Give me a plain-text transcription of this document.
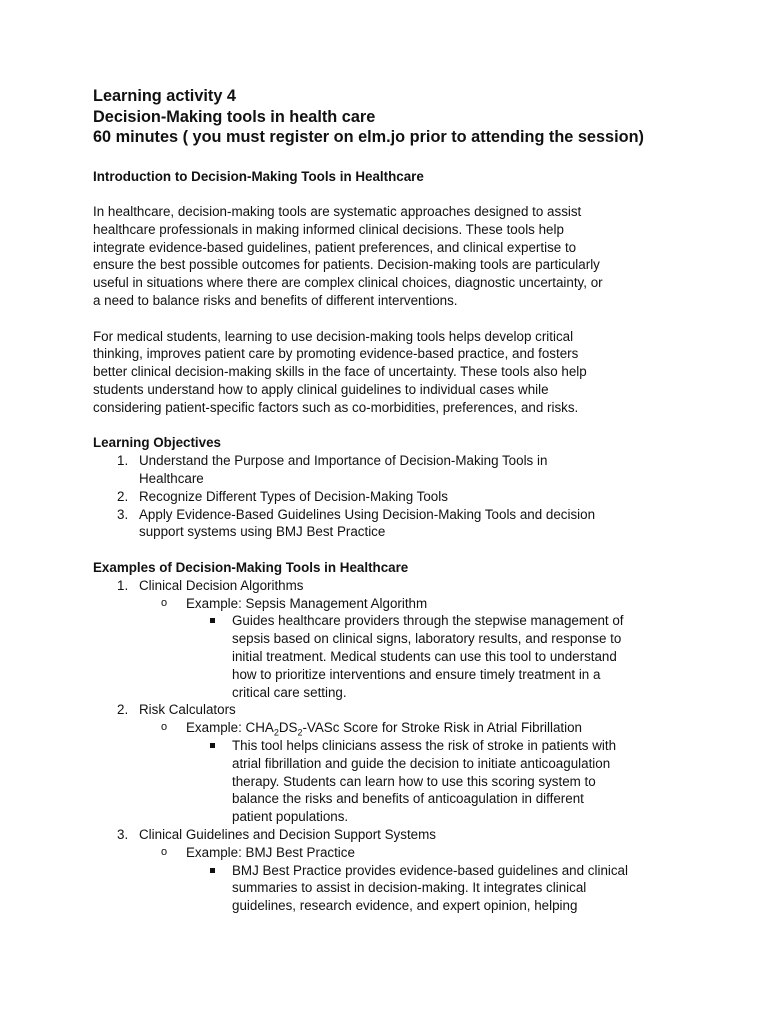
Learning activity 4
Decision-Making tools in health care
60 minutes ( you must register on elm.jo prior to attending the session)
Introduction to Decision-Making Tools in Healthcare
In healthcare, decision-making tools are systematic approaches designed to assist
healthcare professionals in making informed clinical decisions. These tools help
integrate evidence-based guidelines, patient preferences, and clinical expertise to
ensure the best possible outcomes for patients. Decision-making tools are particularly
useful in situations where there are complex clinical choices, diagnostic uncertainty, or
a need to balance risks and benefits of different interventions.
For medical students, learning to use decision-making tools helps develop critical
thinking, improves patient care by promoting evidence-based practice, and fosters
better clinical decision-making skills in the face of uncertainty. These tools also help
students understand how to apply clinical guidelines to individual cases while
considering patient-specific factors such as co-morbidities, preferences, and risks.
Learning Objectives
1. Understand the Purpose and Importance of Decision-Making Tools in
Healthcare
2. Recognize Different Types of Decision-Making Tools
3. Apply Evidence-Based Guidelines Using Decision-Making Tools and decision
support systems using BMJ Best Practice
Examples of Decision-Making Tools in Healthcare
1. Clinical Decision Algorithms
o Example: Sepsis Management Algorithm
Guides healthcare providers through the stepwise management of
sepsis based on clinical signs, laboratory results, and response to
initial treatment. Medical students can use this tool to understand
how to prioritize interventions and ensure timely treatment in a
critical care setting.
2. Risk Calculators
o Example: $CHA_2DS_2$-VASc Score for Stroke Risk in Atrial Fibrillation
This tool helps clinicians assess the risk of stroke in patients with
atrial fibrillation and guide the decision to initiate anticoagulation
therapy. Students can learn how to use this scoring system to
balance the risks and benefits of anticoagulation in different
patient populations.
3. Clinical Guidelines and Decision Support Systems
o Example: BMJ Best Practice
BMJ Best Practice provides evidence-based guidelines and clinical
summaries to assist in decision-making. It integrates clinical
guidelines, research evidence, and expert opinion, helping
